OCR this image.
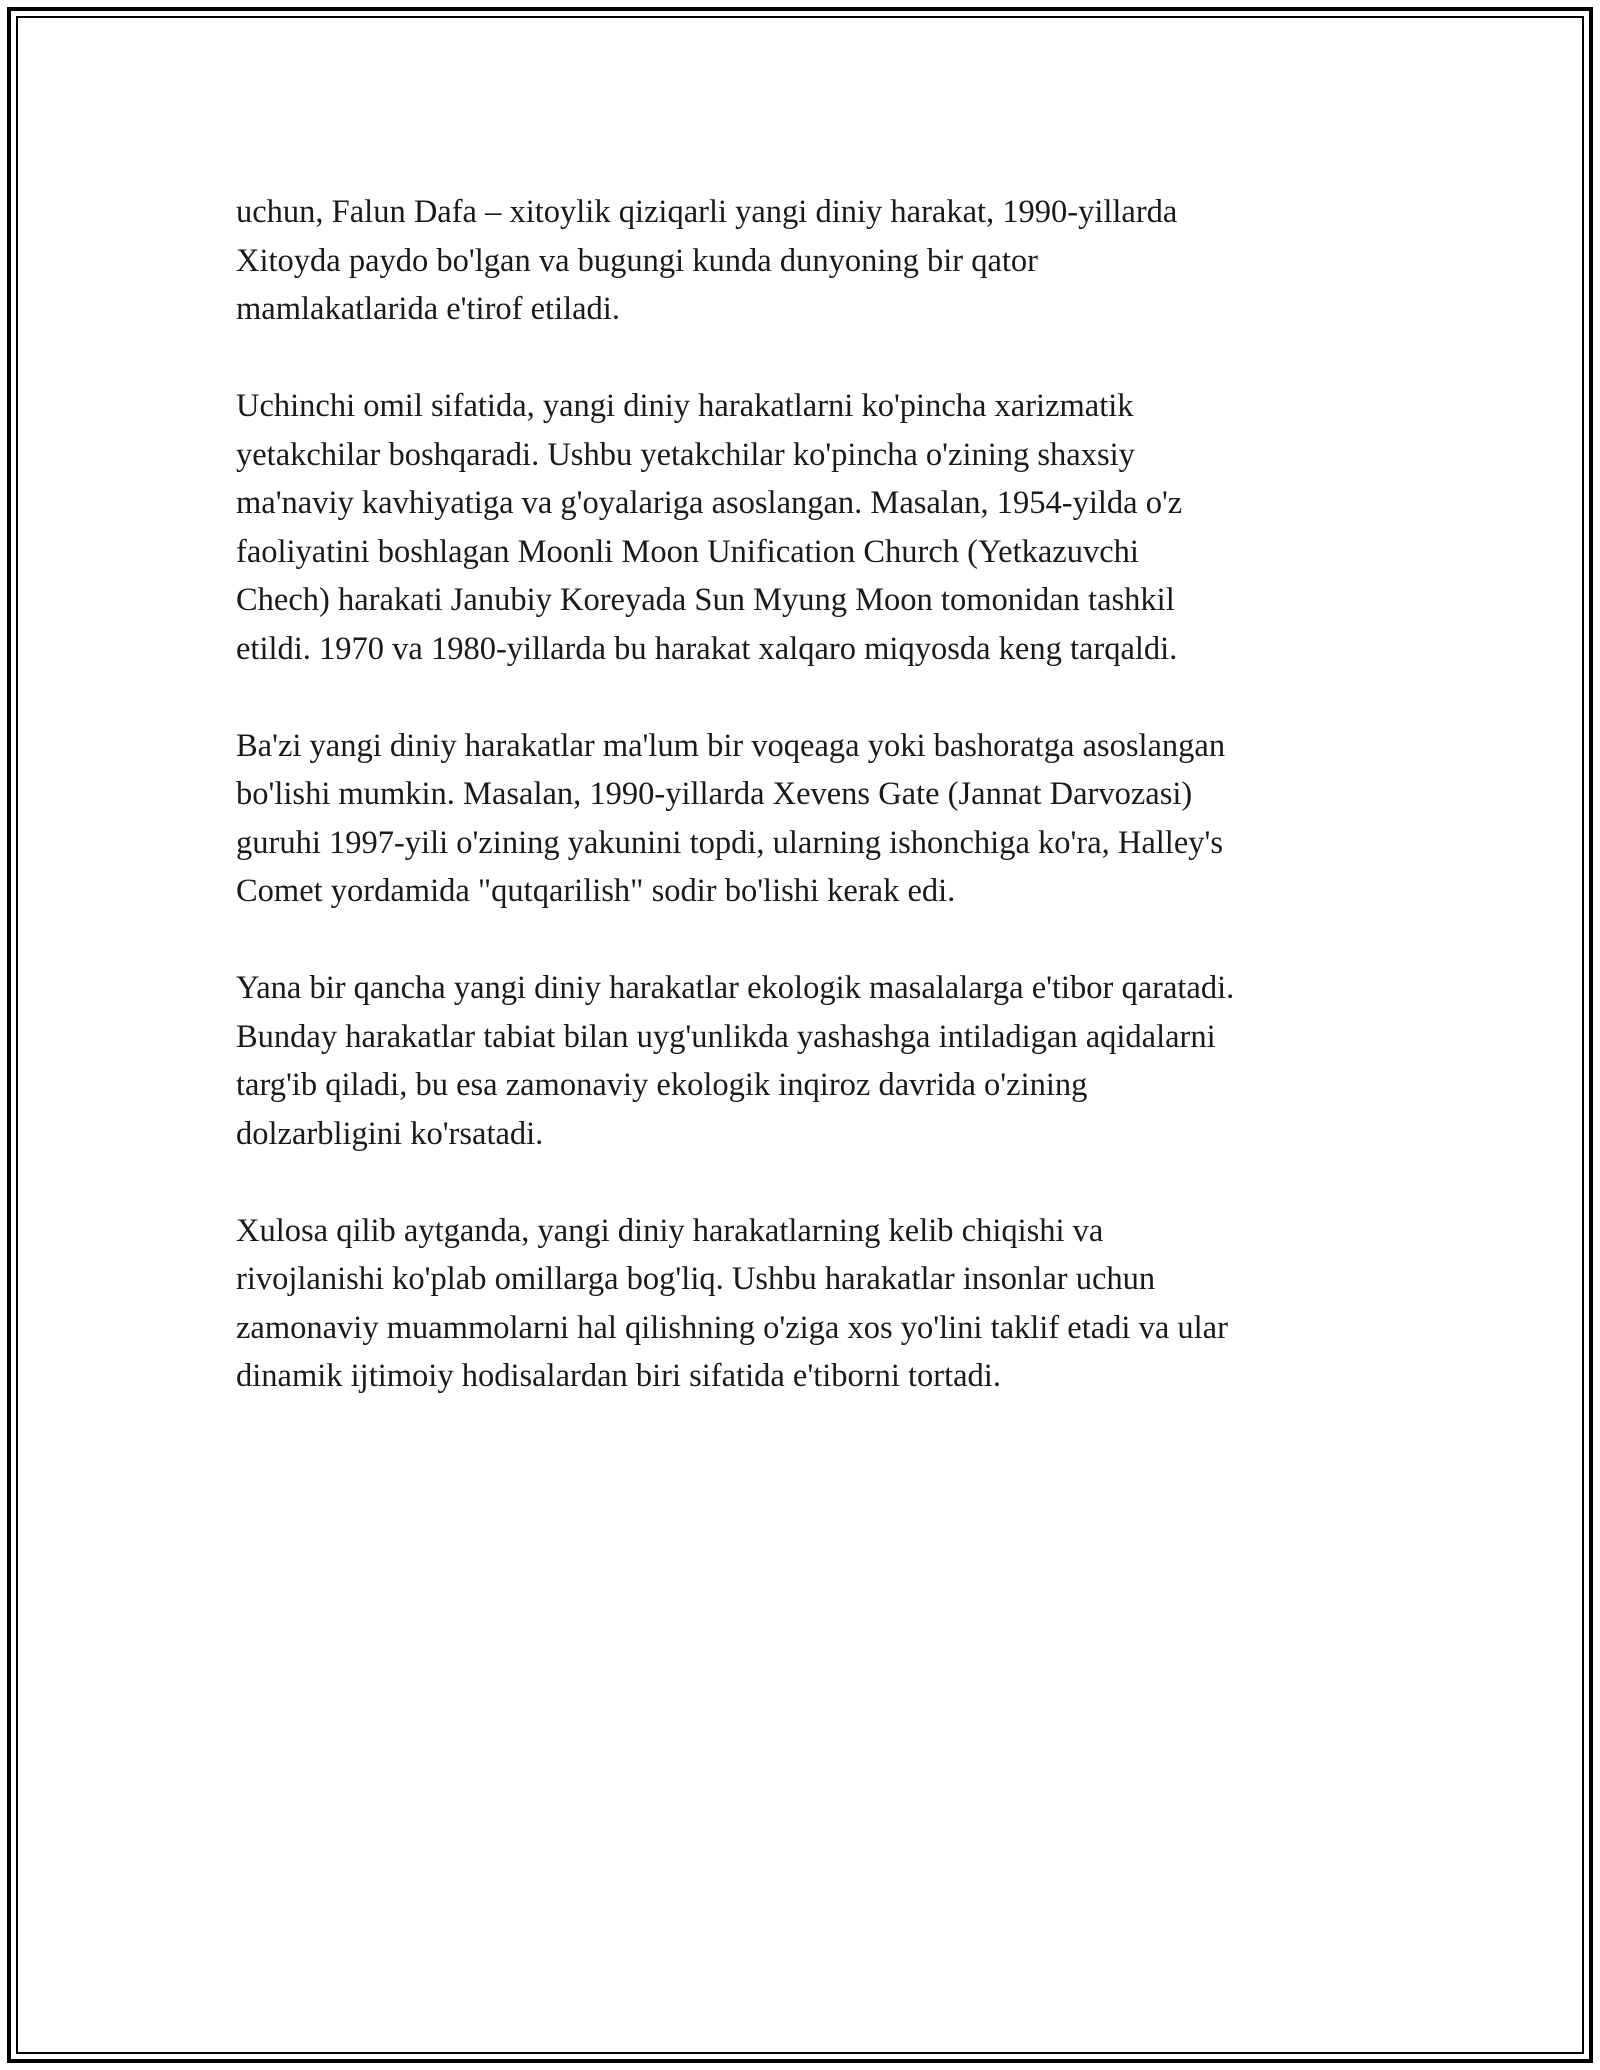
uchun, Falun Dafa – xitoylik qiziqarli yangi diniy harakat, 1990-yillarda
Xitoyda paydo bo'lgan va bugungi kunda dunyoning bir qator
mamlakatlarida e'tirof etiladi.

Uchinchi omil sifatida, yangi diniy harakatlarni ko'pincha xarizmatik
yetakchilar boshqaradi. Ushbu yetakchilar ko'pincha o'zining shaxsiy
ma'naviy kavhiyatiga va g'oyalariga asoslangan. Masalan, 1954-yilda o'z
faoliyatini boshlagan Moonli Moon Unification Church (Yetkazuvchi
Chech) harakati Janubiy Koreyada Sun Myung Moon tomonidan tashkil
etildi. 1970 va 1980-yillarda bu harakat xalqaro miqyosda keng tarqaldi.

Ba'zi yangi diniy harakatlar ma'lum bir voqeaga yoki bashoratga asoslangan
bo'lishi mumkin. Masalan, 1990-yillarda Xevens Gate (Jannat Darvozasi)
guruhi 1997-yili o'zining yakunini topdi, ularning ishonchiga ko'ra, Halley's
Comet yordamida "qutqarilish" sodir bo'lishi kerak edi.

Yana bir qancha yangi diniy harakatlar ekologik masalalarga e'tibor qaratadi.
Bunday harakatlar tabiat bilan uyg'unlikda yashashga intiladigan aqidalarni
targ'ib qiladi, bu esa zamonaviy ekologik inqiroz davrida o'zining
dolzarbligini ko'rsatadi.

Xulosa qilib aytganda, yangi diniy harakatlarning kelib chiqishi va
rivojlanishi ko'plab omillarga bog'liq. Ushbu harakatlar insonlar uchun
zamonaviy muammolarni hal qilishning o'ziga xos yo'lini taklif etadi va ular
dinamik ijtimoiy hodisalardan biri sifatida e'tiborni tortadi.
